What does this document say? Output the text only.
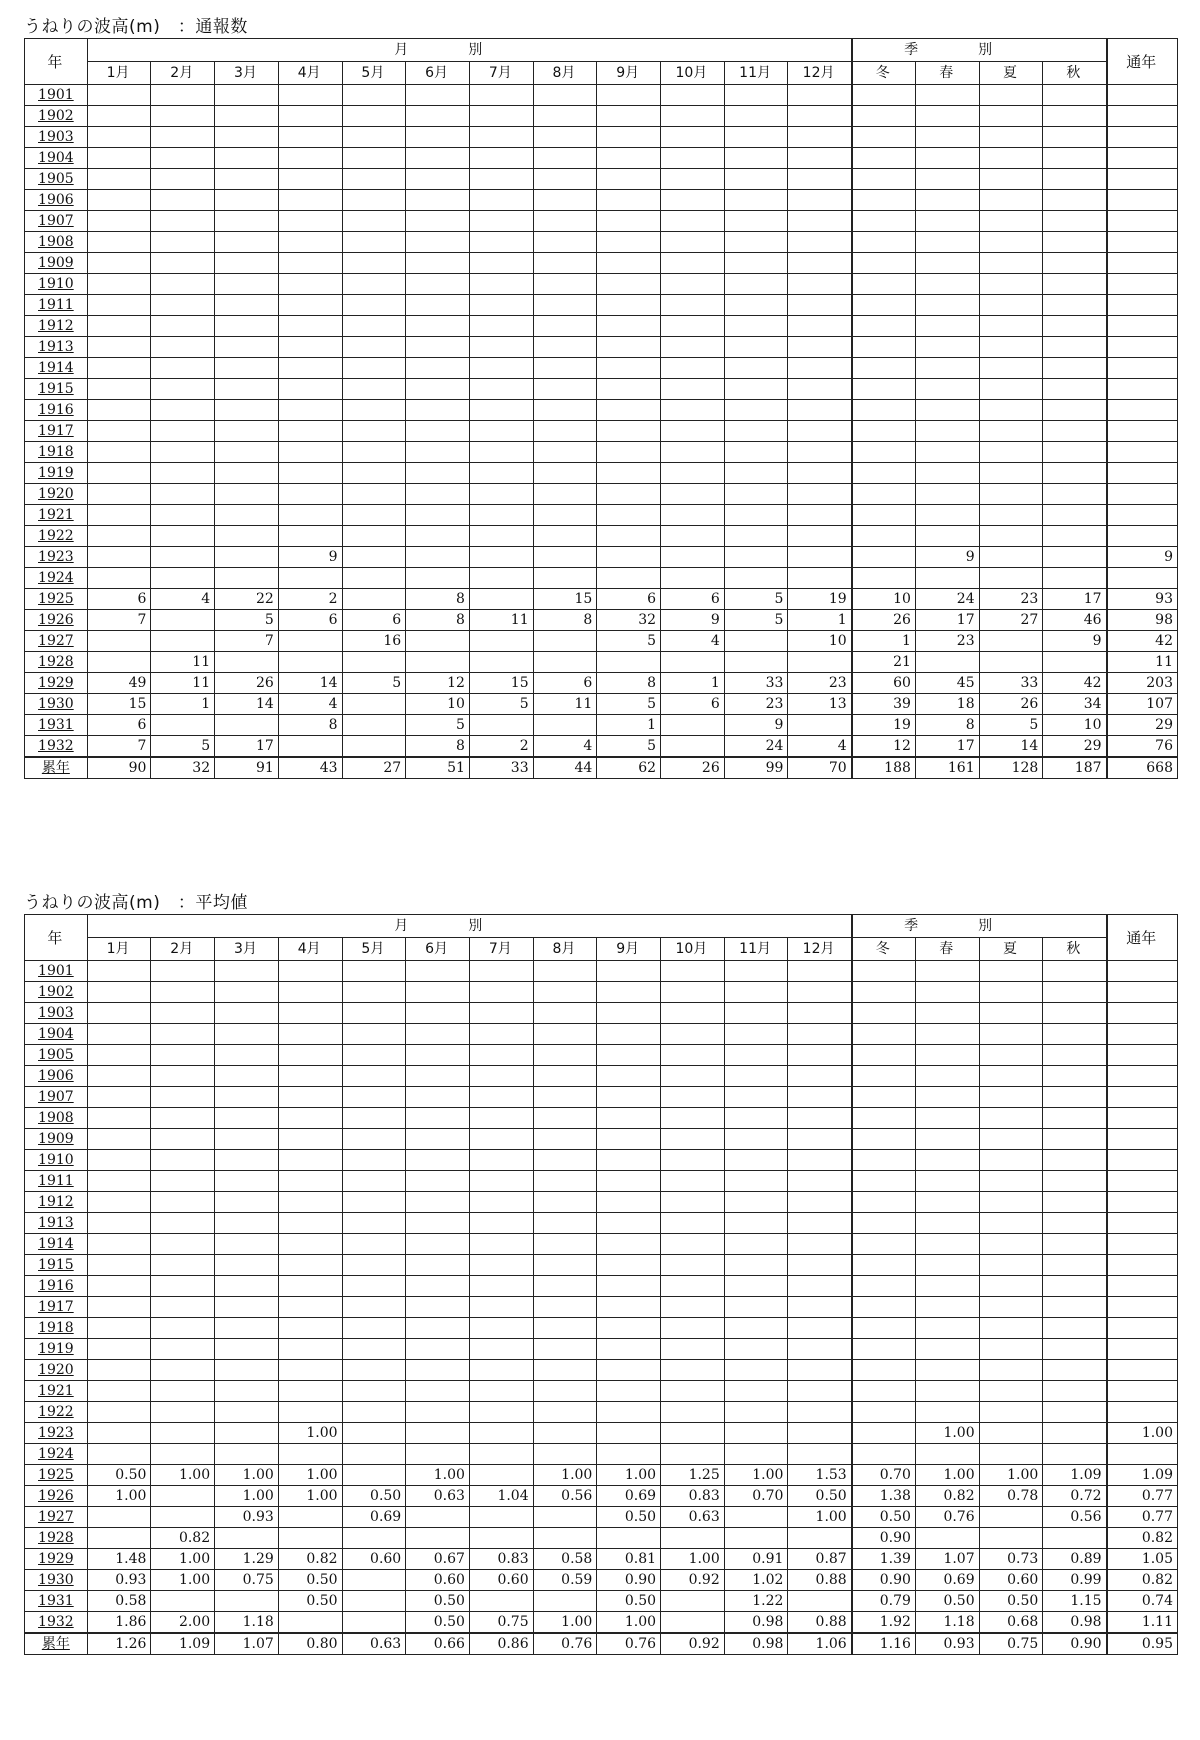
うねりの波高(m)　：通報数
年	月別												季別				通年
	1月	2月	3月	4月	5月	6月	7月	8月	9月	10月	11月	12月	冬	春	夏	秋	
1901																	
1902																	
1903																	
1904																	
1905																	
1906																	
1907																	
1908																	
1909																	
1910																	
1911																	
1912																	
1913																	
1914																	
1915																	
1916																	
1917																	
1918																	
1919																	
1920																	
1921																	
1922																	
1923				9										9			9
1924																	
1925	6	4	22	2		8		15	6	6	5	19	10	24	23	17	93
1926	7		5	6	6	8	11	8	32	9	5	1	26	17	27	46	98
1927			7		16				5	4		10	1	23		9	42
1928		11											21				11
1929	49	11	26	14	5	12	15	6	8	1	33	23	60	45	33	42	203
1930	15	1	14	4		10	5	11	5	6	23	13	39	18	26	34	107
1931	6			8		5			1		9		19	8	5	10	29
1932	7	5	17			8	2	4	5		24	4	12	17	14	29	76
累年	90	32	91	43	27	51	33	44	62	26	99	70	188	161	128	187	668
うねりの波高(m)　：平均値
年	月別												季別				通年
	1月	2月	3月	4月	5月	6月	7月	8月	9月	10月	11月	12月	冬	春	夏	秋	
1901																	
1902																	
1903																	
1904																	
1905																	
1906																	
1907																	
1908																	
1909																	
1910																	
1911																	
1912																	
1913																	
1914																	
1915																	
1916																	
1917																	
1918																	
1919																	
1920																	
1921																	
1922																	
1923				1.00										1.00			1.00
1924																	
1925	0.50	1.00	1.00	1.00		1.00		1.00	1.00	1.25	1.00	1.53	0.70	1.00	1.00	1.09	1.09
1926	1.00		1.00	1.00	0.50	0.63	1.04	0.56	0.69	0.83	0.70	0.50	1.38	0.82	0.78	0.72	0.77
1927			0.93		0.69				0.50	0.63		1.00	0.50	0.76		0.56	0.77
1928		0.82											0.90				0.82
1929	1.48	1.00	1.29	0.82	0.60	0.67	0.83	0.58	0.81	1.00	0.91	0.87	1.39	1.07	0.73	0.89	1.05
1930	0.93	1.00	0.75	0.50		0.60	0.60	0.59	0.90	0.92	1.02	0.88	0.90	0.69	0.60	0.99	0.82
1931	0.58			0.50		0.50			0.50		1.22		0.79	0.50	0.50	1.15	0.74
1932	1.86	2.00	1.18			0.50	0.75	1.00	1.00		0.98	0.88	1.92	1.18	0.68	0.98	1.11
累年	1.26	1.09	1.07	0.80	0.63	0.66	0.86	0.76	0.76	0.92	0.98	1.06	1.16	0.93	0.75	0.90	0.95
